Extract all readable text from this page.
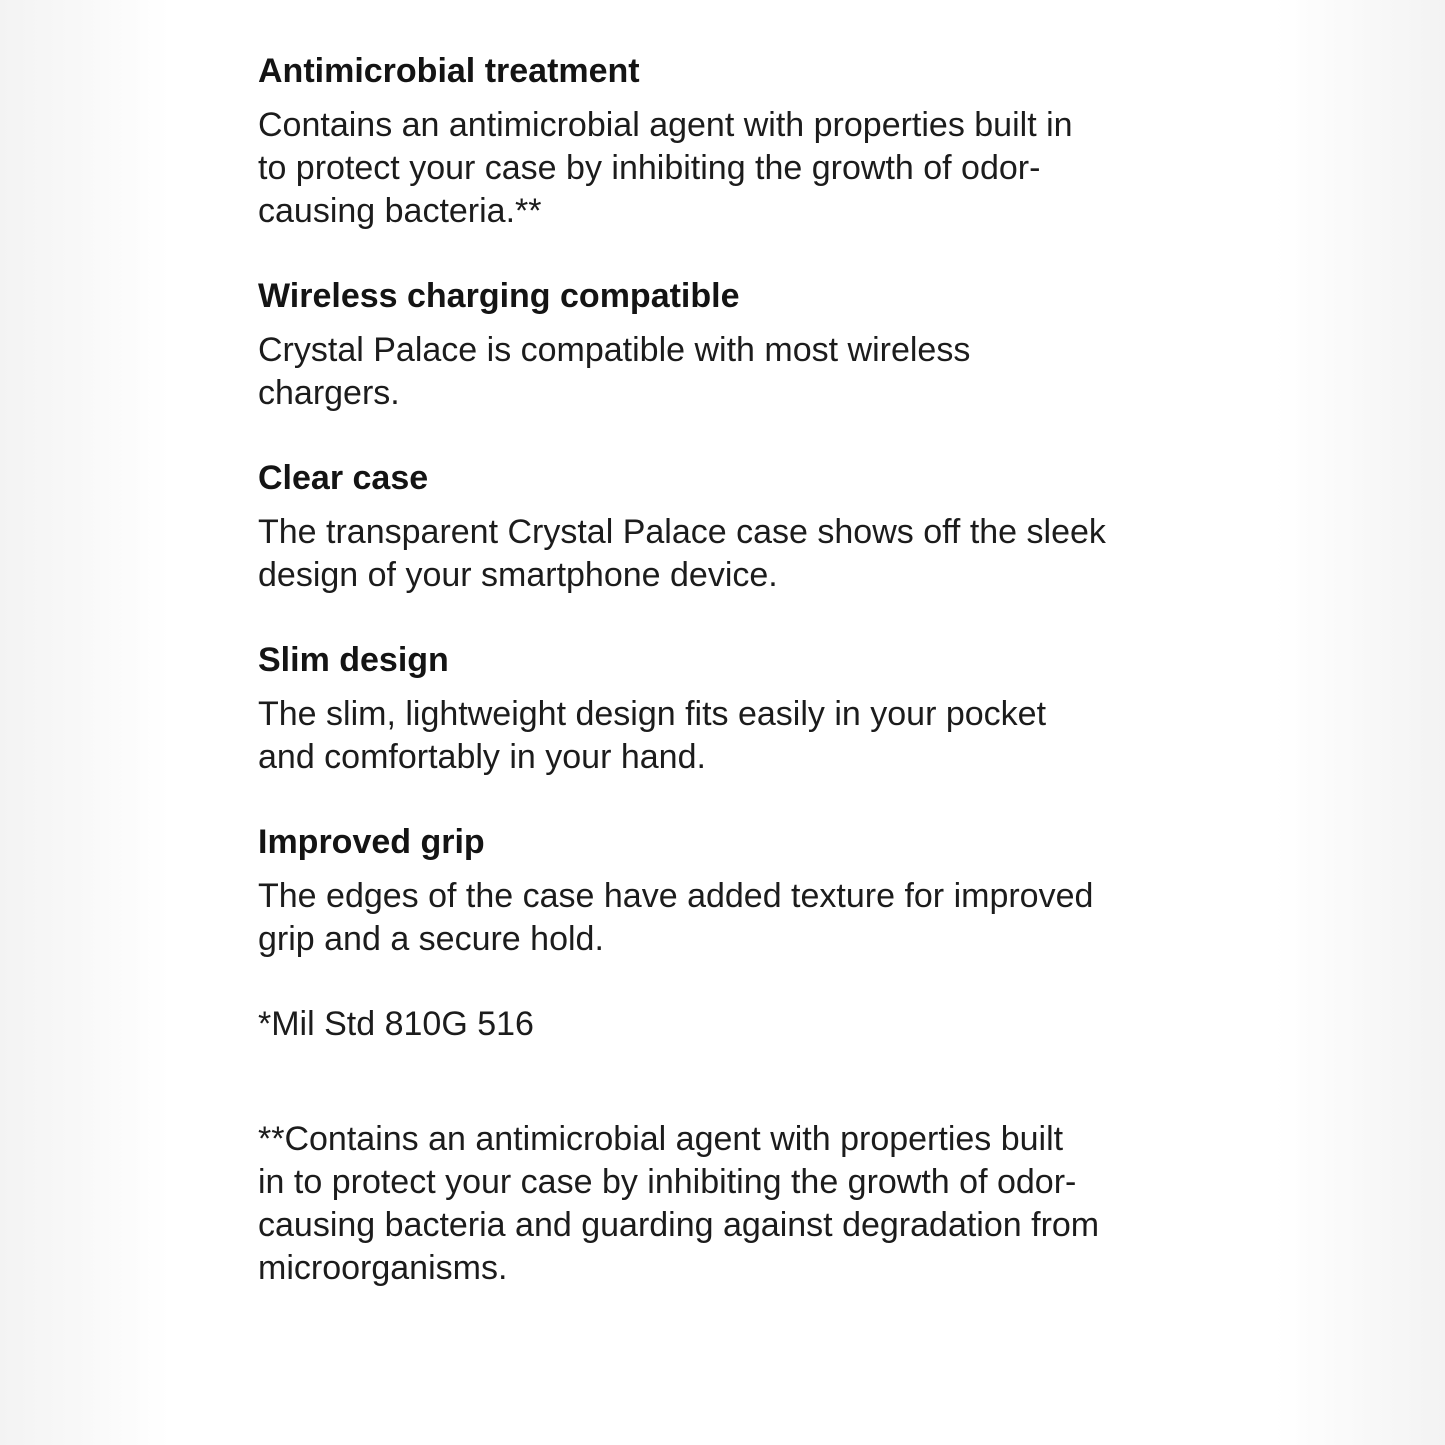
Antimicrobial treatment

Contains an antimicrobial agent with properties built in
to protect your case by inhibiting the growth of odor-
causing bacteria.**

Wireless charging compatible

Crystal Palace is compatible with most wireless
chargers.

Clear case

The transparent Crystal Palace case shows off the sleek
design of your smartphone device.

Slim design

The slim, lightweight design fits easily in your pocket
and comfortably in your hand.

Improved grip

The edges of the case have added texture for improved
grip and a secure hold.

*Mil Std 810G 516

**Contains an antimicrobial agent with properties built
in to protect your case by inhibiting the growth of odor-
causing bacteria and guarding against degradation from
microorganisms.
